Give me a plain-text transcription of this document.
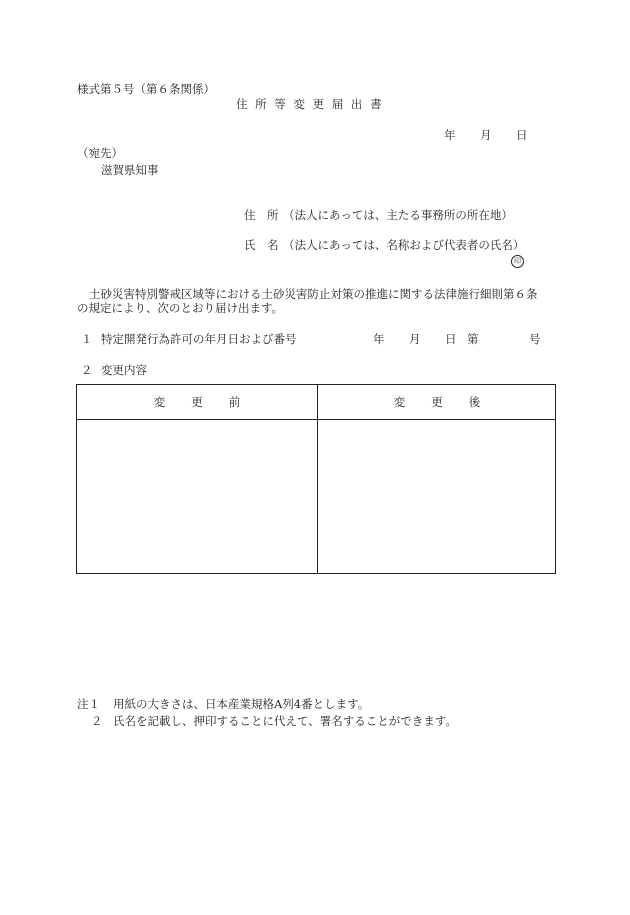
様式第５号（第６条関係）
住 所 等 変 更 届 出 書
年 月 日
（宛先）
滋賀県知事
住　所 （法人にあっては、主たる事務所の所在地）
氏　名 （法人にあっては、名称および代表者の氏名）
印
土砂災害特別警戒区域等における土砂災害防止対策の推進に関する法律施行細則第６条
の規定により、次のとおり届け出ます。
１ 特定開発行為許可の年月日および番号	年 月 日 第	号
２ 変更内容
変更前	変更後
注１ 用紙の大きさは、日本産業規格A列4番とします。
２ 氏名を記載し、押印することに代えて、署名することができます。
